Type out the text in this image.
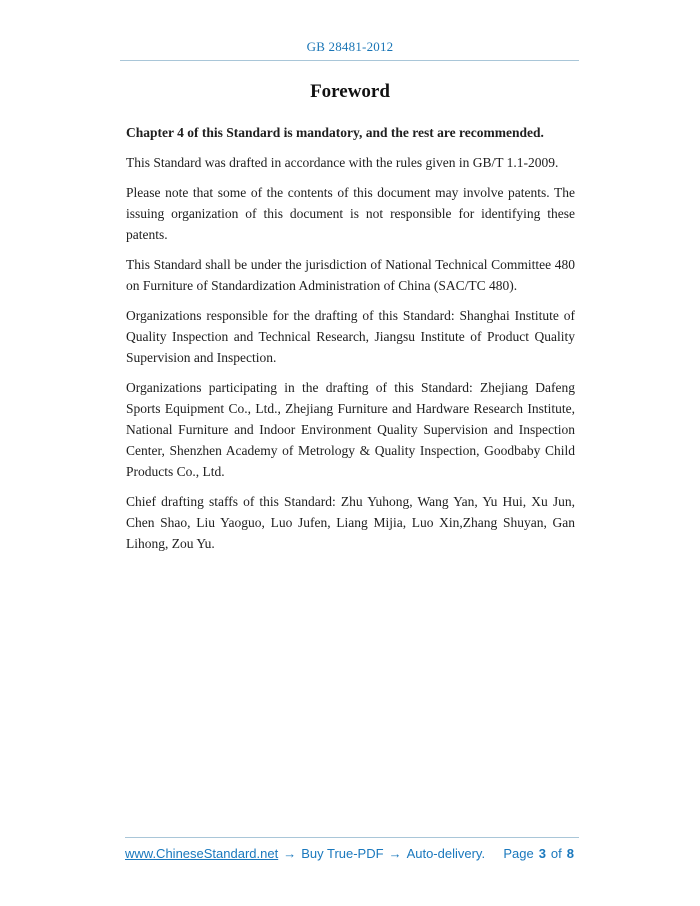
GB 28481-2012
Foreword

Chapter 4 of this Standard is mandatory, and the rest are recommended.

This Standard was drafted in accordance with the rules given in GB/T 1.1-2009.

Please note that some of the contents of this document may involve patents. The issuing organization of this document is not responsible for identifying these patents.

This Standard shall be under the jurisdiction of National Technical Committee 480 on Furniture of Standardization Administration of China (SAC/TC 480).

Organizations responsible for the drafting of this Standard: Shanghai Institute of Quality Inspection and Technical Research, Jiangsu Institute of Product Quality Supervision and Inspection.

Organizations participating in the drafting of this Standard: Zhejiang Dafeng Sports Equipment Co., Ltd., Zhejiang Furniture and Hardware Research Institute, National Furniture and Indoor Environment Quality Supervision and Inspection Center, Shenzhen Academy of Metrology & Quality Inspection, Goodbaby Child Products Co., Ltd.

Chief drafting staffs of this Standard: Zhu Yuhong, Wang Yan, Yu Hui, Xu Jun, Chen Shao, Liu Yaoguo, Luo Jufen, Liang Mijia, Luo Xin,Zhang Shuyan, Gan Lihong, Zou Yu.

www.ChineseStandard.net → Buy True-PDF → Auto-delivery. Page 3 of 8
